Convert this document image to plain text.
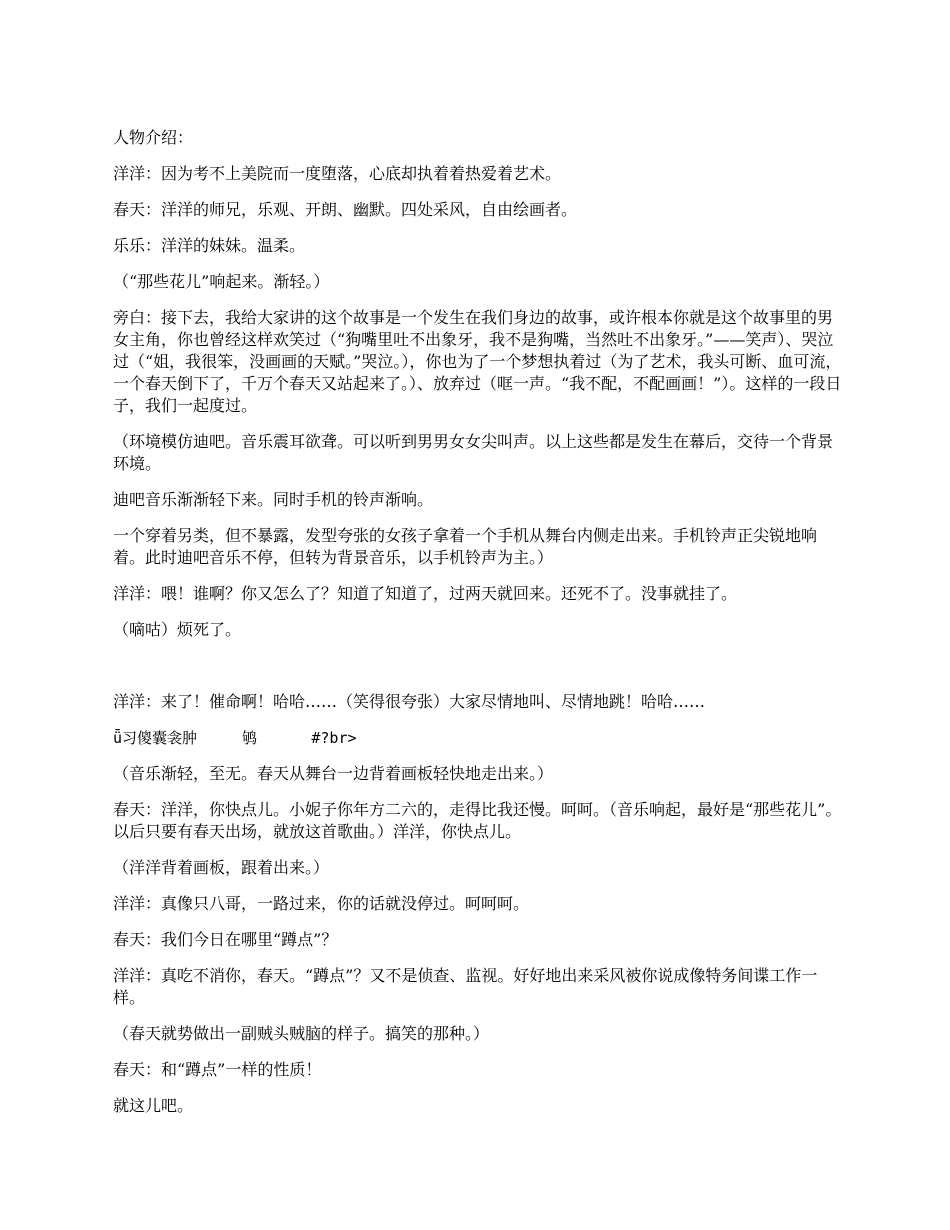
人物介绍：

洋洋：因为考不上美院而一度堕落，心底却执着着热爱着艺术。

春天：洋洋的师兄，乐观、开朗、幽默。四处采风，自由绘画者。

乐乐：洋洋的妹妹。温柔。

（“那些花儿”响起来。渐轻。）

旁白：接下去，我给大家讲的这个故事是一个发生在我们身边的故事，或许根本你就是这个故事里的男女主角，你也曾经这样欢笑过（“狗嘴里吐不出象牙，我不是狗嘴，当然吐不出象牙。”——笑声）、哭泣过（“姐，我很笨，没画画的天赋。”哭泣。），你也为了一个梦想执着过（为了艺术，我头可断、血可流，一个春天倒下了，千万个春天又站起来了。）、放弃过（哐一声。“我不配，不配画画！”）。这样的一段日子，我们一起度过。

（环境模仿迪吧。音乐震耳欲聋。可以听到男男女女尖叫声。以上这些都是发生在幕后，交待一个背景环境。

迪吧音乐渐渐轻下来。同时手机的铃声渐响。

一个穿着另类，但不暴露，发型夸张的女孩子拿着一个手机从舞台内侧走出来。手机铃声正尖锐地响着。此时迪吧音乐不停，但转为背景音乐，以手机铃声为主。）

洋洋：喂！谁啊？你又怎么了？知道了知道了，过两天就回来。还死不了。没事就挂了。

（嘀咕）烦死了。

洋洋：来了！催命啊！哈哈……（笑得很夸张）大家尽情地叫、尽情地跳！哈哈……

ǖ习傻囊衾肿     鸲      #?br>

（音乐渐轻，至无。春天从舞台一边背着画板轻快地走出来。）

春天：洋洋，你快点儿。小妮子你年方二六的，走得比我还慢。呵呵。（音乐响起，最好是“那些花儿”。以后只要有春天出场，就放这首歌曲。）洋洋，你快点儿。

（洋洋背着画板，跟着出来。）

洋洋：真像只八哥，一路过来，你的话就没停过。呵呵呵。

春天：我们今日在哪里“蹲点”？

洋洋：真吃不消你，春天。“蹲点”？又不是侦查、监视。好好地出来采风被你说成像特务间谍工作一样。

（春天就势做出一副贼头贼脑的样子。搞笑的那种。）

春天：和“蹲点”一样的性质！

就这儿吧。
